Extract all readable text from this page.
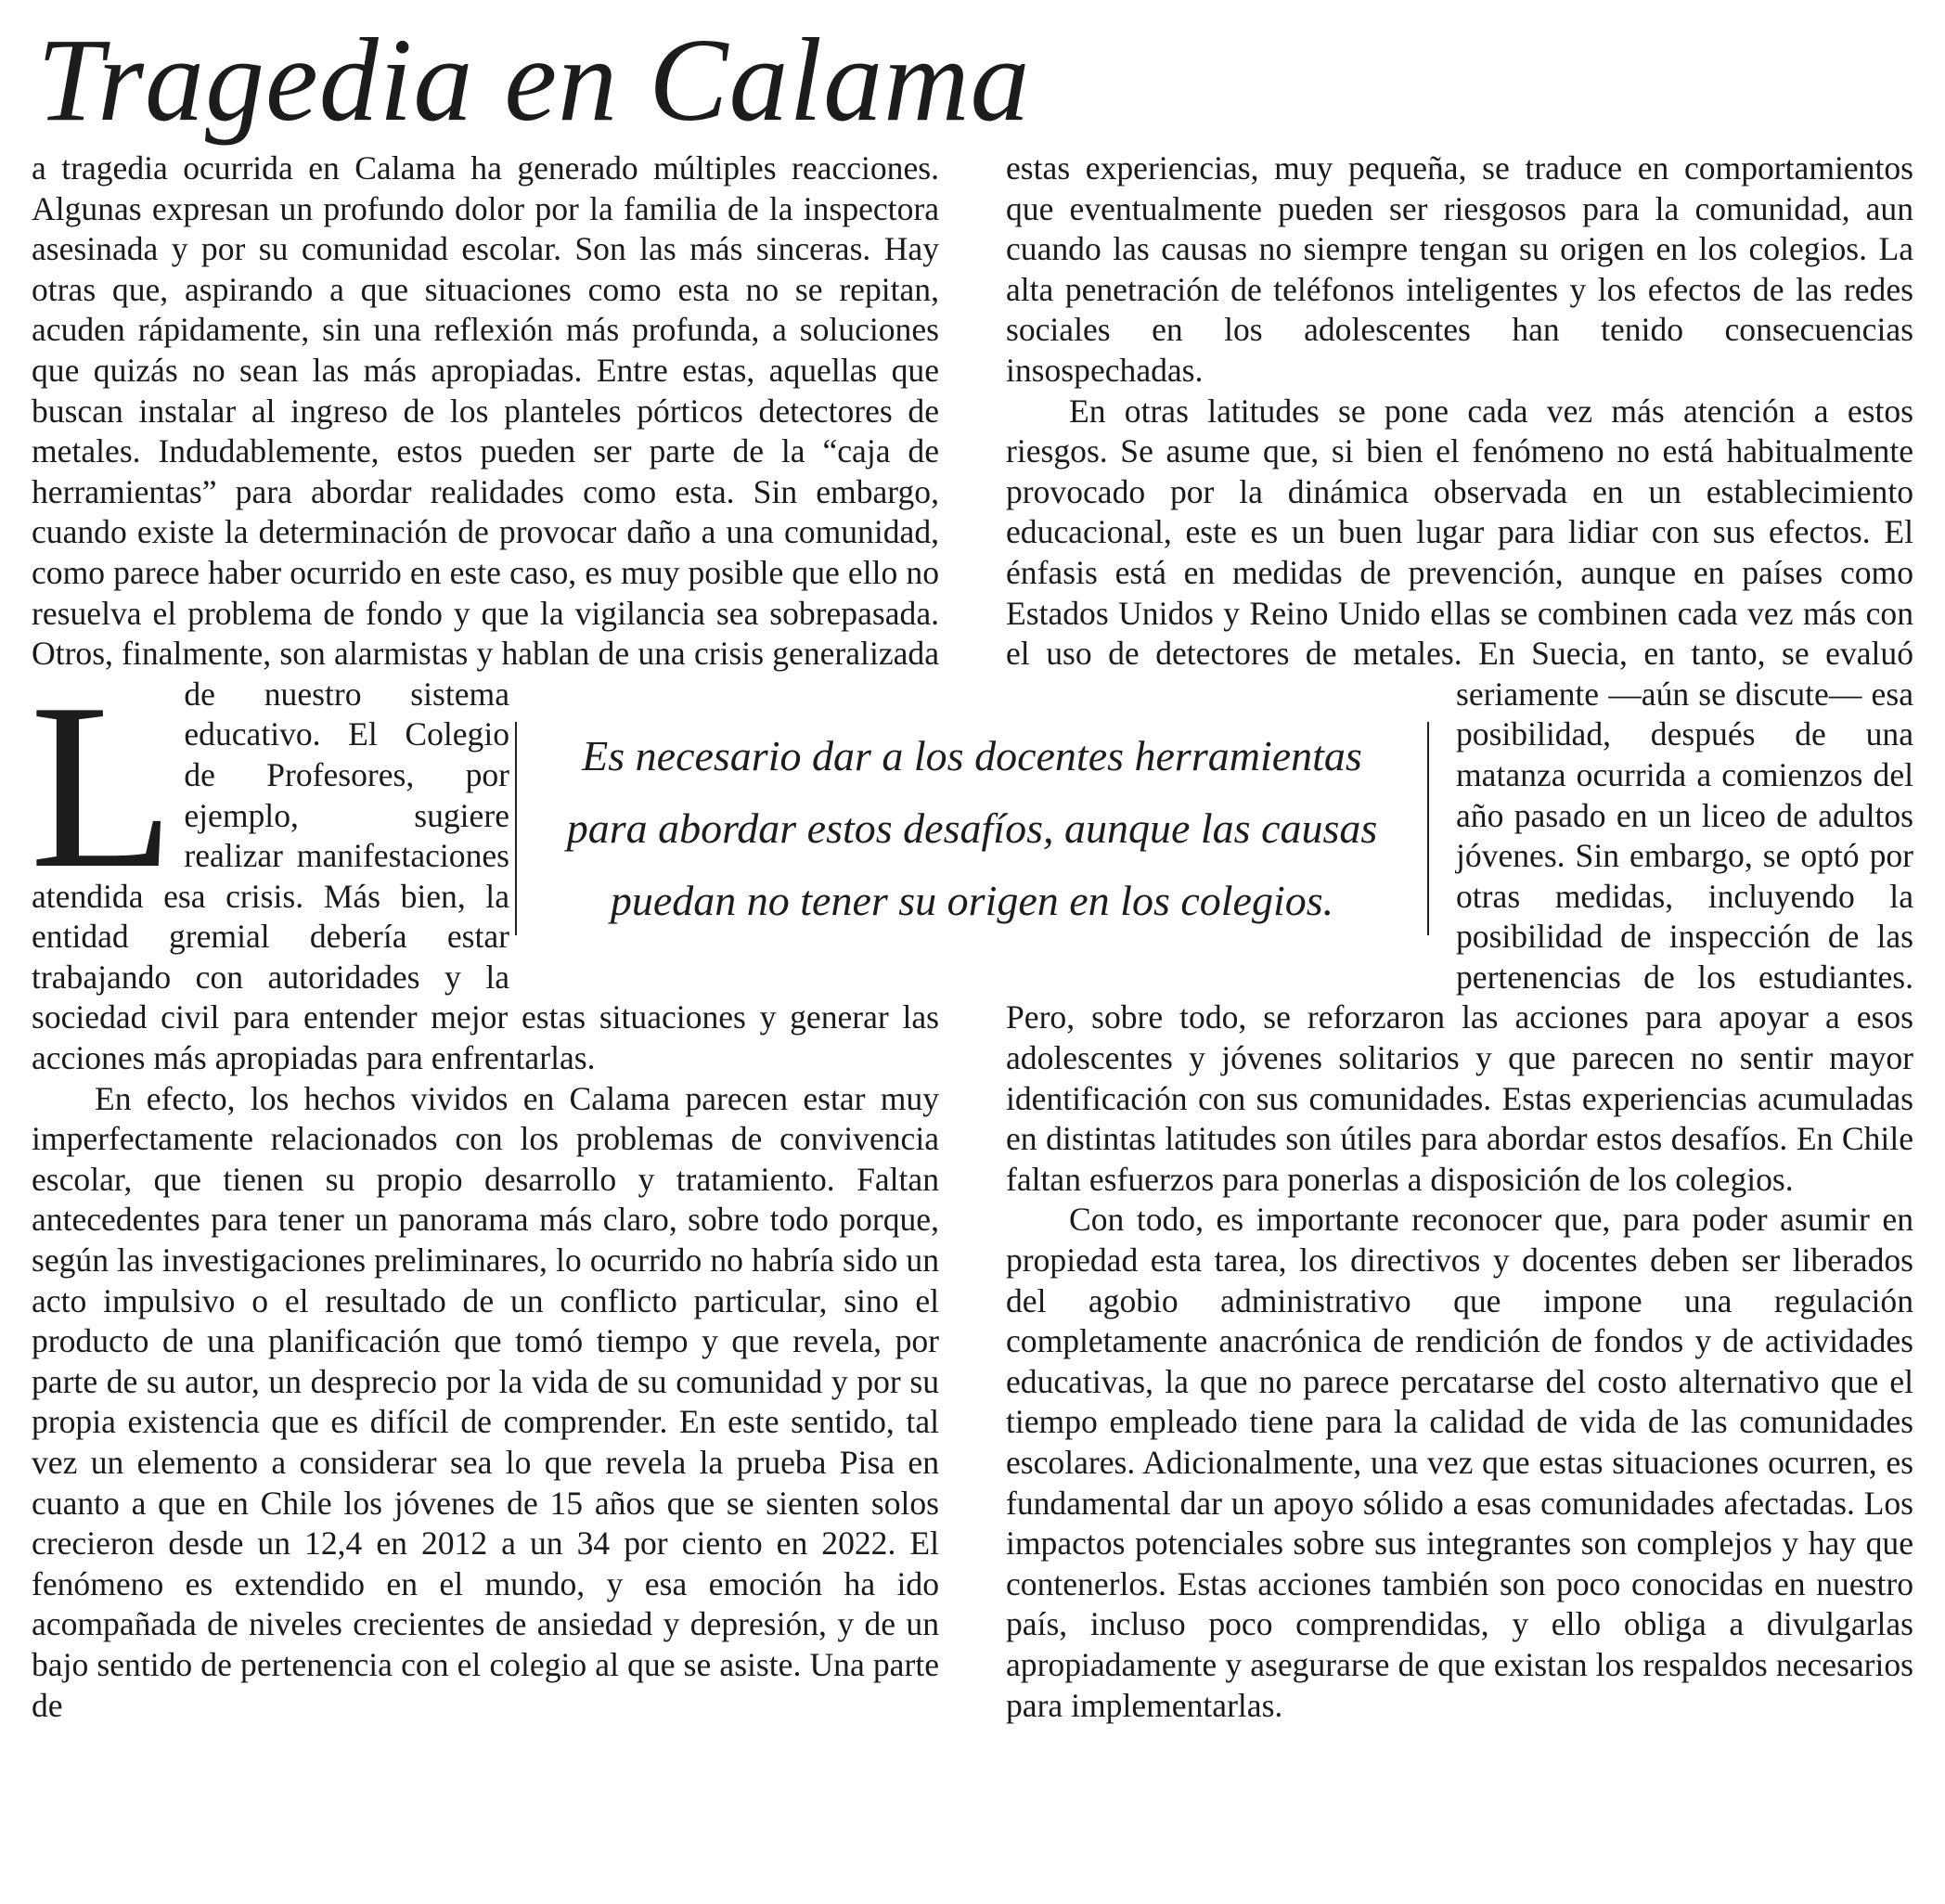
Tragedia en Calama

L
a tragedia ocurrida en Calama ha generado múltiples reacciones. Algunas expresan un profundo dolor por la familia de la inspectora asesinada y por su comunidad escolar. Son las más sinceras. Hay otras que, aspirando a que situaciones como esta no se repitan, acuden rápidamente, sin una reflexión más profunda, a soluciones que quizás no sean las más apropiadas. Entre estas, aquellas que buscan instalar al ingreso de los planteles pórticos detectores de metales. Indudablemente, estos pueden ser parte de la “caja de herramientas” para abordar realidades como esta. Sin embargo, cuando existe la determinación de provocar daño a una comunidad, como parece haber ocurrido en este caso, es muy posible que ello no resuelva el problema de fondo y que la vigilancia sea sobrepasada. Otros, finalmente, son alarmistas y hablan de una crisis generalizada de nuestro sistema educativo. El Colegio de Profesores, por ejemplo, sugiere realizar manifestaciones atendida esa crisis. Más bien, la entidad gremial debería estar trabajando con autoridades y la sociedad civil para entender mejor estas situaciones y generar las acciones más apropiadas para enfrentarlas.

En efecto, los hechos vividos en Calama parecen estar muy imperfectamente relacionados con los problemas de convivencia escolar, que tienen su propio desarrollo y tratamiento. Faltan antecedentes para tener un panorama más claro, sobre todo porque, según las investigaciones preliminares, lo ocurrido no habría sido un acto impulsivo o el resultado de un conflicto particular, sino el producto de una planificación que tomó tiempo y que revela, por parte de su autor, un desprecio por la vida de su comunidad y por su propia existencia que es difícil de comprender. En este sentido, tal vez un elemento a considerar sea lo que revela la prueba Pisa en cuanto a que en Chile los jóvenes de 15 años que se sienten solos crecieron desde un 12,4 en 2012 a un 34 por ciento en 2022. El fenómeno es extendido en el mundo, y esa emoción ha ido acompañada de niveles crecientes de ansiedad y depresión, y de un bajo sentido de pertenencia con el colegio al que se asiste. Una parte de

estas experiencias, muy pequeña, se traduce en comportamientos que eventualmente pueden ser riesgosos para la comunidad, aun cuando las causas no siempre tengan su origen en los colegios. La alta penetración de teléfonos inteligentes y los efectos de las redes sociales en los adolescentes han tenido consecuencias insospechadas.

En otras latitudes se pone cada vez más atención a estos riesgos. Se asume que, si bien el fenómeno no está habitualmente provocado por la dinámica observada en un establecimiento educacional, este es un buen lugar para lidiar con sus efectos. El énfasis está en medidas de prevención, aunque en países como Estados Unidos y Reino Unido ellas se combinen cada vez más con el uso de detectores de metales. En Suecia, en tanto, se evaluó seriamente —aún se discute— esa posibilidad, después de una matanza ocurrida a comienzos del año pasado en un liceo de adultos jóvenes. Sin embargo, se optó por otras medidas, incluyendo la posibilidad de inspección de las pertenencias de los estudiantes. Pero, sobre todo, se reforzaron las acciones para apoyar a esos adolescentes y jóvenes solitarios y que parecen no sentir mayor identificación con sus comunidades. Estas experiencias acumuladas en distintas latitudes son útiles para abordar estos desafíos. En Chile faltan esfuerzos para ponerlas a disposición de los colegios.

Con todo, es importante reconocer que, para poder asumir en propiedad esta tarea, los directivos y docentes deben ser liberados del agobio administrativo que impone una regulación completamente anacrónica de rendición de fondos y de actividades educativas, la que no parece percatarse del costo alternativo que el tiempo empleado tiene para la calidad de vida de las comunidades escolares. Adicionalmente, una vez que estas situaciones ocurren, es fundamental dar un apoyo sólido a esas comunidades afectadas. Los impactos potenciales sobre sus integrantes son complejos y hay que contenerlos. Estas acciones también son poco conocidas en nuestro país, incluso poco comprendidas, y ello obliga a divulgarlas apropiadamente y asegurarse de que existan los respaldos necesarios para implementarlas.

Es necesario dar a los docentes herramientas para abordar estos desafíos, aunque las causas puedan no tener su origen en los colegios.
